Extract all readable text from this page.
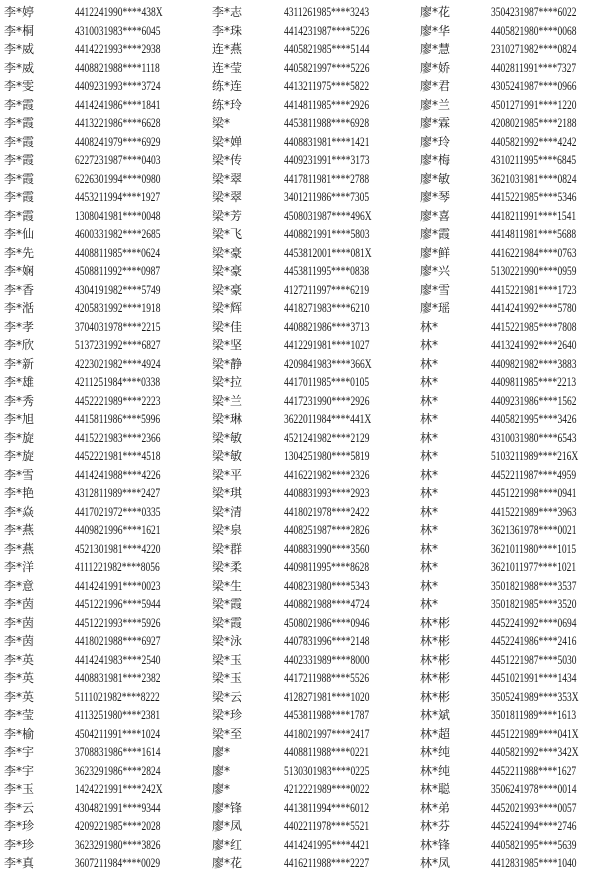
李*婷	4412241990****438X	李*志	4311261985****3243	廖*花	3504231987****6022
李*桐	4310031983****6045	李*珠	4414231987****5226	廖*华	4405821980****0068
李*威	4414221993****2938	连*燕	4405821985****5144	廖*慧	2310271982****0824
李*威	4408821988****1118	连*莹	4405821997****5226	廖*娇	4402811991****7327
李*雯	4409231993****3724	练*连	4413211975****5822	廖*君	4305241987****0966
李*霞	4414241986****1841	练*玲	4414811985****2926	廖*兰	4501271991****1220
李*霞	4413221986****6628	梁*	4453811988****6928	廖*霖	4208021985****2188
李*霞	4408241979****6929	梁*婵	4408831981****1421	廖*玲	4405821992****4242
李*霞	6227231987****0403	梁*传	4409231991****3173	廖*梅	4310211995****6845
李*霞	6226301994****0980	梁*翠	4417811981****2788	廖*敏	3621031981****0824
李*霞	4453211994****1927	梁*翠	3401211986****7305	廖*琴	4415221985****5346
李*霞	1308041981****0048	梁*芳	4508031987****496X	廖*喜	4418211991****1541
李*仙	4600331982****2685	梁*飞	4408821991****5803	廖*霞	4414811981****5688
李*先	4408811985****0624	梁*豪	4453812001****081X	廖*鲜	4416221984****0763
李*娴	4508811992****0987	梁*豪	4453811995****0838	廖*兴	5130221990****0959
李*香	4304191982****5749	梁*豪	4127211997****6219	廖*雪	4415221981****1723
李*湉	4205831992****1918	梁*辉	4418271983****6210	廖*瑶	4414241992****5780
李*孝	3704031978****2215	梁*佳	4408821986****3713	林*	4415221985****7808
李*欣	5137231992****6827	梁*坚	4412291981****1027	林*	4413241992****2640
李*新	4223021982****4924	梁*静	4209841983****366X	林*	4409821982****3883
李*雄	4211251984****0338	梁*拉	4417011985****0105	林*	4409811985****2213
李*秀	4452221989****2223	梁*兰	4417231990****2926	林*	4409231986****1562
李*旭	4415811986****5996	梁*琳	3622011984****441X	林*	4405821995****3426
李*旋	4415221983****2366	梁*敏	4521241982****2129	林*	4310031980****6543
李*旋	4452221981****4518	梁*敏	1304251980****5819	林*	5103211989****216X
李*雪	4414241988****4226	梁*平	4416221982****2326	林*	4452211987****4959
李*艳	4312811989****2427	梁*琪	4408831993****2923	林*	4451221998****0941
李*焱	4417021972****0335	梁*清	4418021978****2422	林*	4415221989****3963
李*燕	4409821996****1621	梁*泉	4408251987****2826	林*	3621361978****0021
李*燕	4521301981****4220	梁*群	4408831990****3560	林*	3621011980****1015
李*洋	4111221982****8056	梁*柔	4409811995****8628	林*	3621011977****1021
李*意	4414241991****0023	梁*生	4408231980****5343	林*	3501821988****3537
李*茵	4451221996****5944	梁*霞	4408821988****4724	林*	3501821985****3520
李*茵	4451221993****5926	梁*霞	4508021986****0946	林*彬	4452241992****0694
李*茵	4418021988****6927	梁*泳	4407831996****2148	林*彬	4452241986****2416
李*英	4414241983****2540	梁*玉	4402331989****8000	林*彬	4451221987****5030
李*英	4408831981****2382	梁*玉	4417211988****5526	林*彬	4451021991****1434
李*英	5111021982****8222	梁*云	4128271981****1020	林*彬	3505241989****353X
李*莹	4113251980****2381	梁*珍	4453811988****1787	林*斌	3501811989****1613
李*榆	4504211991****1024	梁*至	4418021997****2417	林*超	4451221989****041X
李*宇	3708831986****1614	廖*	4408811988****0221	林*纯	4405821992****342X
李*宇	3623291986****2824	廖*	5130301983****0225	林*纯	4452211988****1627
李*玉	1424221991****242X	廖*	4212221989****0022	林*聪	3506241978****0014
李*云	4304821991****9344	廖*锋	4413811994****6012	林*弟	4452021993****0057
李*珍	4209221985****2028	廖*凤	4402211978****5521	林*芬	4452241994****2746
李*珍	3623291980****3826	廖*红	4414241995****4421	林*锋	4405821995****5639
李*真	3607211984****0029	廖*花	4416211988****2227	林*凤	4412831985****1040
